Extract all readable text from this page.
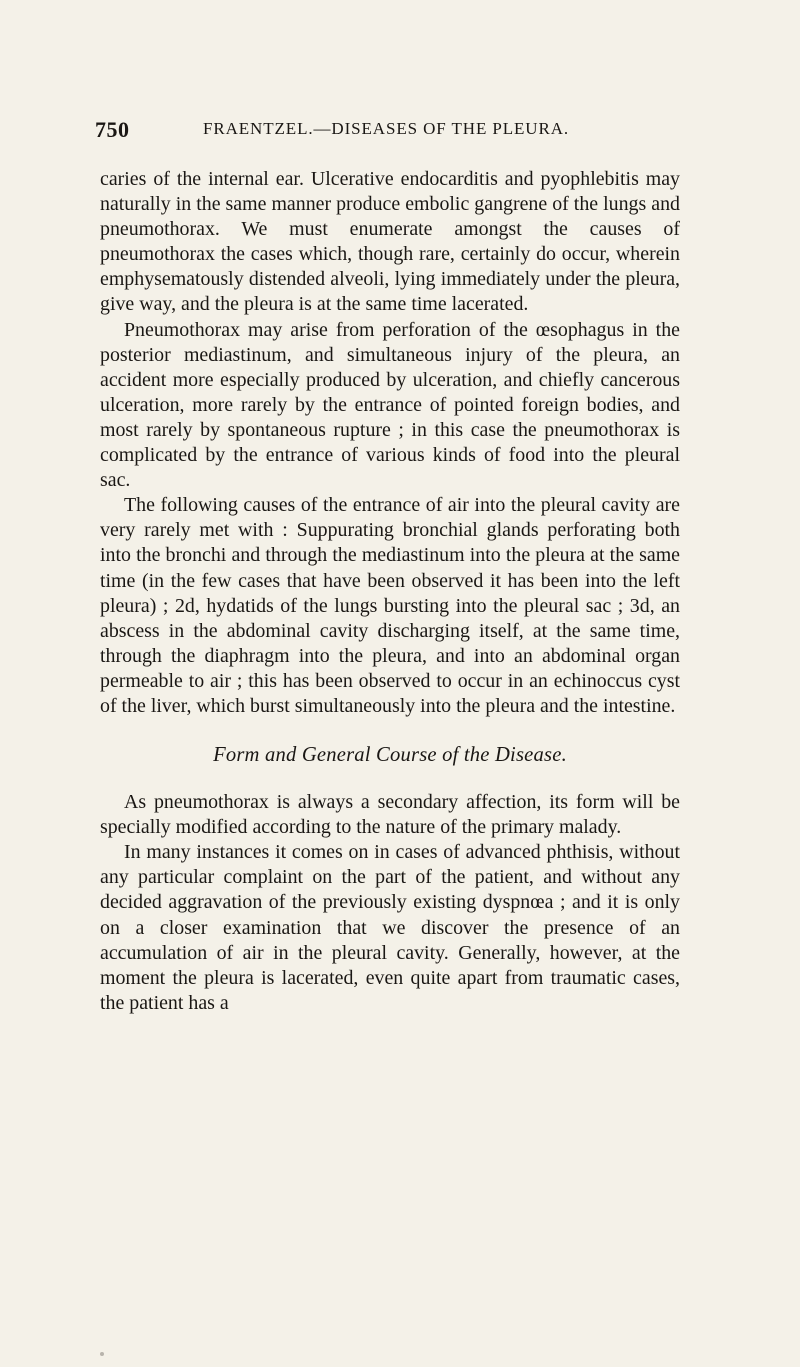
750	FRAENTZEL.—DISEASES OF THE PLEURA.

caries of the internal ear. Ulcerative endocarditis and pyophlebitis may naturally in the same manner produce embolic gangrene of the lungs and pneumothorax. We must enumerate amongst the causes of pneumothorax the cases which, though rare, certainly do occur, wherein emphysematously distended alveoli, lying immediately under the pleura, give way, and the pleura is at the same time lacerated.

Pneumothorax may arise from perforation of the œsophagus in the posterior mediastinum, and simultaneous injury of the pleura, an accident more especially produced by ulceration, and chiefly cancerous ulceration, more rarely by the entrance of pointed foreign bodies, and most rarely by spontaneous rupture ; in this case the pneumothorax is complicated by the entrance of various kinds of food into the pleural sac.

The following causes of the entrance of air into the pleural cavity are very rarely met with : Suppurating bronchial glands perforating both into the bronchi and through the mediastinum into the pleura at the same time (in the few cases that have been observed it has been into the left pleura) ; 2d, hydatids of the lungs bursting into the pleural sac ; 3d, an abscess in the abdominal cavity discharging itself, at the same time, through the diaphragm into the pleura, and into an abdominal organ permeable to air ; this has been observed to occur in an echinoccus cyst of the liver, which burst simultaneously into the pleura and the intestine.

Form and General Course of the Disease.

As pneumothorax is always a secondary affection, its form will be specially modified according to the nature of the primary malady.

In many instances it comes on in cases of advanced phthisis, without any particular complaint on the part of the patient, and without any decided aggravation of the previously existing dyspnœa ; and it is only on a closer examination that we discover the presence of an accumulation of air in the pleural cavity. Generally, however, at the moment the pleura is lacerated, even quite apart from traumatic cases, the patient has a
